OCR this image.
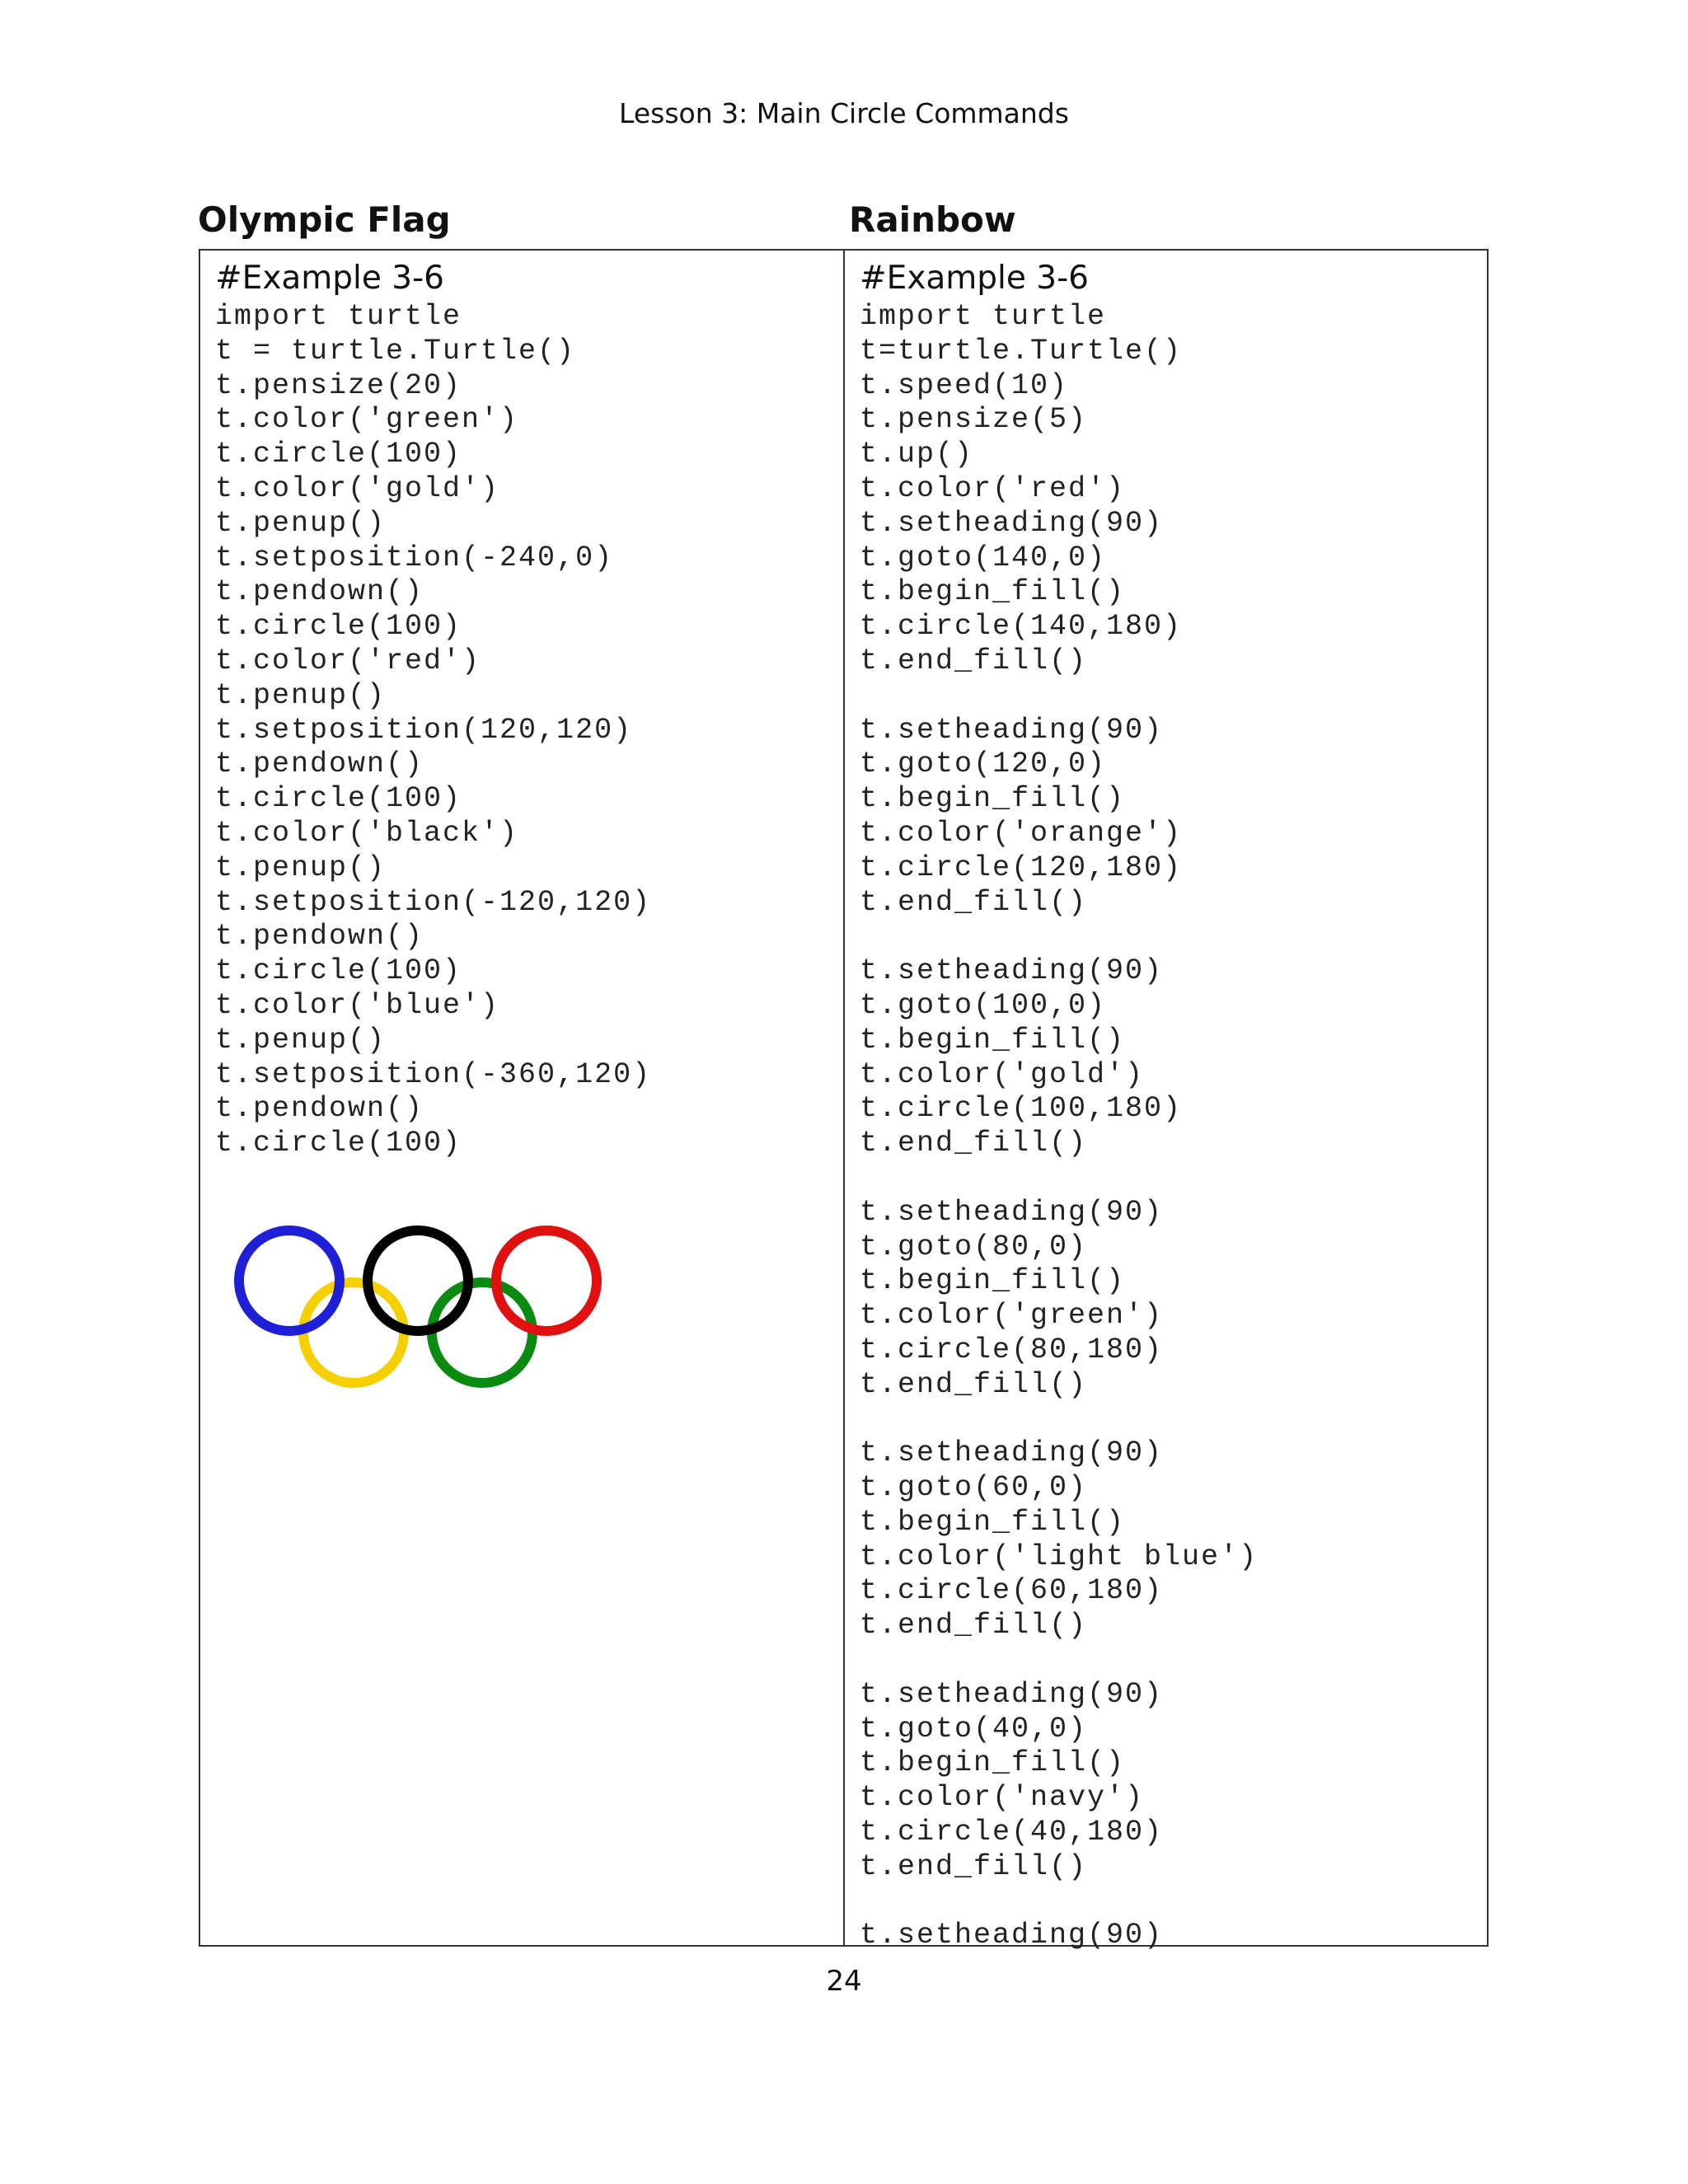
Lesson 3: Main Circle Commands
Olympic Flag	Rainbow
#Example 3-6
import turtle
t = turtle.Turtle()
t.pensize(20)
t.color('green')
t.circle(100)
t.color('gold')
t.penup()
t.setposition(-240,0)
t.pendown()
t.circle(100)
t.color('red')
t.penup()
t.setposition(120,120)
t.pendown()
t.circle(100)
t.color('black')
t.penup()
t.setposition(-120,120)
t.pendown()
t.circle(100)
t.color('blue')
t.penup()
t.setposition(-360,120)
t.pendown()
t.circle(100)
#Example 3-6
import turtle
t=turtle.Turtle()
t.speed(10)
t.pensize(5)
t.up()
t.color('red')
t.setheading(90)
t.goto(140,0)
t.begin_fill()
t.circle(140,180)
t.end_fill()
t.setheading(90)
t.goto(120,0)
t.begin_fill()
t.color('orange')
t.circle(120,180)
t.end_fill()
t.setheading(90)
t.goto(100,0)
t.begin_fill()
t.color('gold')
t.circle(100,180)
t.end_fill()
t.setheading(90)
t.goto(80,0)
t.begin_fill()
t.color('green')
t.circle(80,180)
t.end_fill()
t.setheading(90)
t.goto(60,0)
t.begin_fill()
t.color('light blue')
t.circle(60,180)
t.end_fill()
t.setheading(90)
t.goto(40,0)
t.begin_fill()
t.color('navy')
t.circle(40,180)
t.end_fill()
t.setheading(90)
24
